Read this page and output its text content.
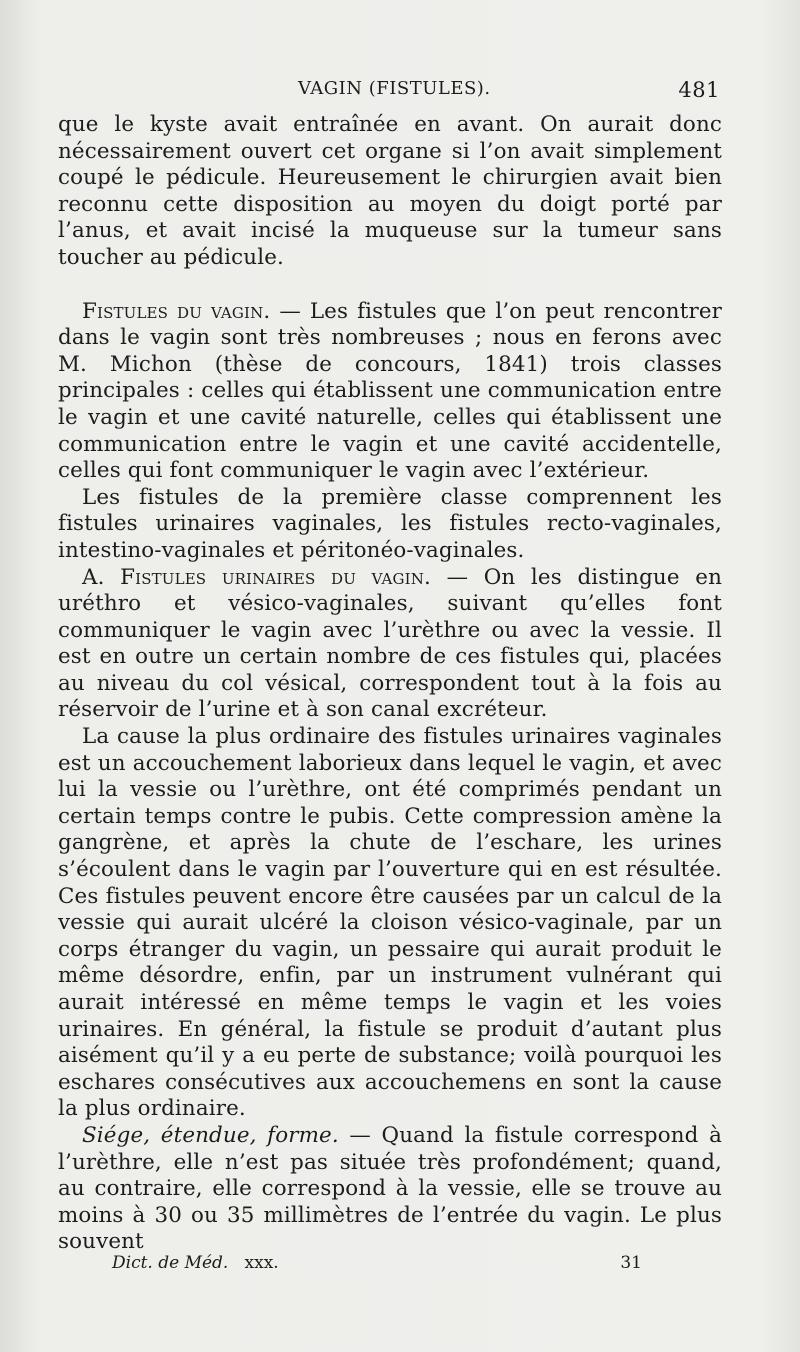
VAGIN (FISTULES).	481

que le kyste avait entraînée en avant. On aurait donc nécessairement ouvert cet organe si l’on avait simplement coupé le pédicule. Heureusement le chirurgien avait bien reconnu cette disposition au moyen du doigt porté par l’anus, et avait incisé la muqueuse sur la tumeur sans toucher au pédicule.

Fistules du vagin. — Les fistules que l’on peut rencontrer dans le vagin sont très nombreuses ; nous en ferons avec M. Michon (thèse de concours, 1841) trois classes principales : celles qui établissent une communication entre le vagin et une cavité naturelle, celles qui établissent une communication entre le vagin et une cavité accidentelle, celles qui font communiquer le vagin avec l’extérieur.

Les fistules de la première classe comprennent les fistules urinaires vaginales, les fistules recto-vaginales, intestino-vaginales et péritonéo-vaginales.

A. Fistules urinaires du vagin. — On les distingue en uréthro et vésico-vaginales, suivant qu’elles font communiquer le vagin avec l’urèthre ou avec la vessie. Il est en outre un certain nombre de ces fistules qui, placées au niveau du col vésical, correspondent tout à la fois au réservoir de l’urine et à son canal excréteur.

La cause la plus ordinaire des fistules urinaires vaginales est un accouchement laborieux dans lequel le vagin, et avec lui la vessie ou l’urèthre, ont été comprimés pendant un certain temps contre le pubis. Cette compression amène la gangrène, et après la chute de l’eschare, les urines s’écoulent dans le vagin par l’ouverture qui en est résultée. Ces fistules peuvent encore être causées par un calcul de la vessie qui aurait ulcéré la cloison vésico-vaginale, par un corps étranger du vagin, un pessaire qui aurait produit le même désordre, enfin, par un instrument vulnérant qui aurait intéressé en même temps le vagin et les voies urinaires. En général, la fistule se produit d’autant plus aisément qu’il y a eu perte de substance; voilà pourquoi les eschares consécutives aux accouchemens en sont la cause la plus ordinaire.

Siége, étendue, forme. — Quand la fistule correspond à l’urèthre, elle n’est pas située très profondément; quand, au contraire, elle correspond à la vessie, elle se trouve au moins à 30 ou 35 millimètres de l’entrée du vagin. Le plus souvent

Dict. de Méd. xxx.	31
